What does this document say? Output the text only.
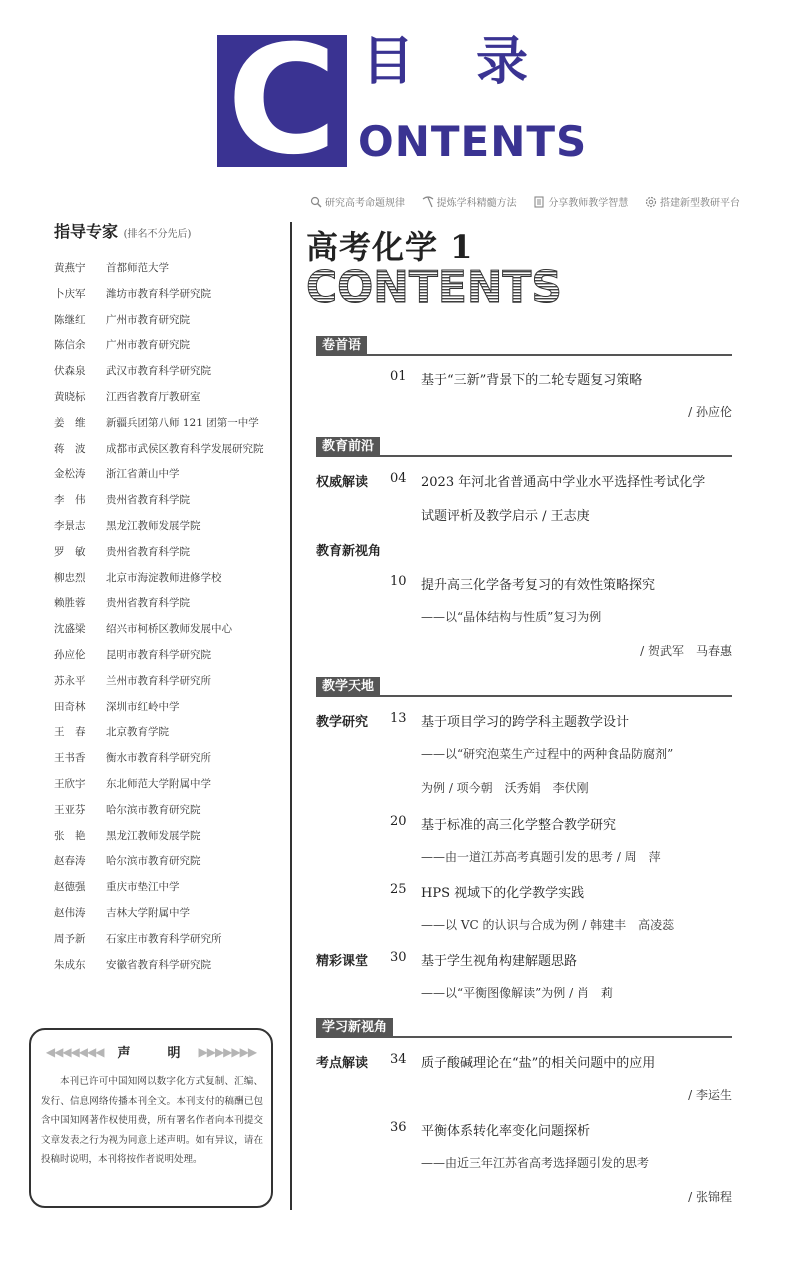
C 目录
ONTENTS
研究高考命题规律	提炼学科精髓方法	分享教师教学智慧	搭建新型教研平台
指导专家 (排名不分先后)
黄燕宁	首都师范大学
卜庆军	潍坊市教育科学研究院
陈继红	广州市教育研究院
陈信余	广州市教育研究院
伏森泉	武汉市教育科学研究院
黄晓标	江西省教育厅教研室
姜　维	新疆兵团第八师 121 团第一中学
蒋　波	成都市武侯区教育科学发展研究院
金松涛	浙江省萧山中学
李　伟	贵州省教育科学院
李景志	黑龙江教师发展学院
罗　敏	贵州省教育科学院
柳忠烈	北京市海淀教师进修学校
赖胜蓉	贵州省教育科学院
沈盛梁	绍兴市柯桥区教师发展中心
孙应伦	昆明市教育科学研究院
苏永平	兰州市教育科学研究所
田奇林	深圳市红岭中学
王　春	北京教育学院
王书香	衡水市教育科学研究所
王欣宇	东北师范大学附属中学
王亚芬	哈尔滨市教育研究院
张　艳	黑龙江教师发展学院
赵春涛	哈尔滨市教育研究院
赵德强	重庆市垫江中学
赵伟涛	吉林大学附属中学
周予新	石家庄市教育科学研究所
朱成东	安徽省教育科学研究院
◀◀◀◀◀◀◀ 声　明 ▶▶▶▶▶▶▶
本刊已许可中国知网以数字化方式复制、汇编、发行、信息网络传播本刊全文。本刊支付的稿酬已包含中国知网著作权使用费，所有署名作者向本刊提交文章发表之行为视为同意上述声明。如有异议，请在投稿时说明，本刊将按作者说明处理。
高考化学 1
CONTENTS
卷首语
01 基于“三新”背景下的二轮专题复习策略
/ 孙应伦
教育前沿
权威解读 04 2023 年河北省普通高中学业水平选择性考试化学
试题评析及教学启示 / 王志庚
教育新视角
10 提升高三化学备考复习的有效性策略探究
——以“晶体结构与性质”复习为例
/ 贺武军　马春惠
教学天地
教学研究 13 基于项目学习的跨学科主题教学设计
——以“研究泡菜生产过程中的两种食品防腐剂”
为例 / 项今朝　沃秀娟　李伏刚
20 基于标准的高三化学整合教学研究
——由一道江苏高考真题引发的思考 / 周　萍
25 HPS 视域下的化学教学实践
——以 VC 的认识与合成为例 / 韩建丰　高凌蕊
精彩课堂 30 基于学生视角构建解题思路
——以“平衡图像解读”为例 / 肖　莉
学习新视角
考点解读 34 质子酸碱理论在“盐”的相关问题中的应用
/ 李运生
36 平衡体系转化率变化问题探析
——由近三年江苏省高考选择题引发的思考
/ 张锦程
